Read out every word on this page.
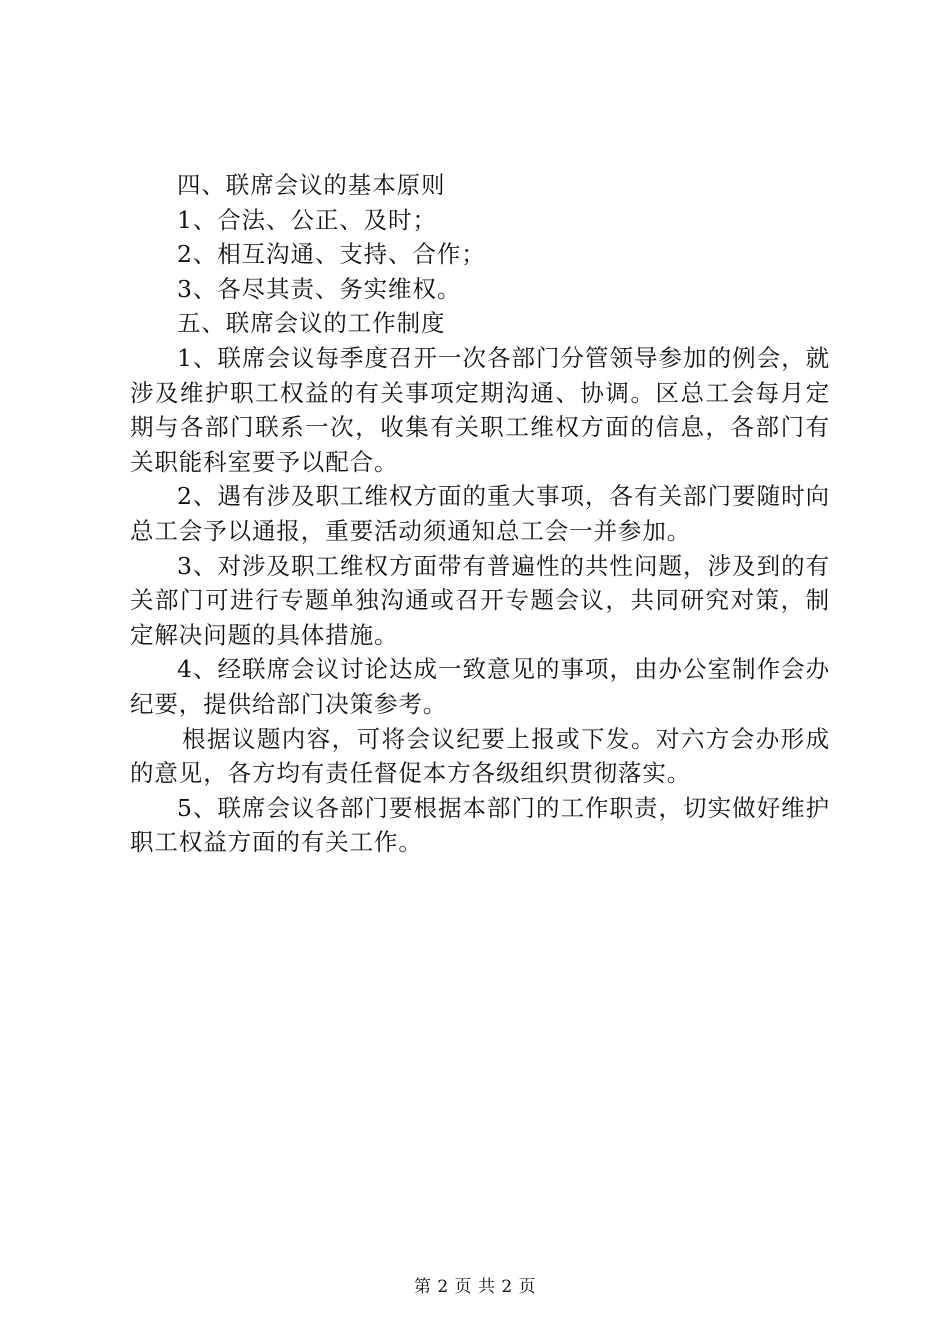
四、联席会议的基本原则

1、合法、公正、及时；

2、相互沟通、支持、合作；

3、各尽其责、务实维权。

五、联席会议的工作制度

1、联席会议每季度召开一次各部门分管领导参加的例会，就涉及维护职工权益的有关事项定期沟通、协调。区总工会每月定期与各部门联系一次，收集有关职工维权方面的信息，各部门有关职能科室要予以配合。

2、遇有涉及职工维权方面的重大事项，各有关部门要随时向总工会予以通报，重要活动须通知总工会一并参加。

3、对涉及职工维权方面带有普遍性的共性问题，涉及到的有关部门可进行专题单独沟通或召开专题会议，共同研究对策，制定解决问题的具体措施。

4、经联席会议讨论达成一致意见的事项，由办公室制作会办纪要，提供给部门决策参考。

根据议题内容，可将会议纪要上报或下发。对六方会办形成的意见，各方均有责任督促本方各级组织贯彻落实。

5、联席会议各部门要根据本部门的工作职责，切实做好维护职工权益方面的有关工作。

第 2 页 共 2 页
